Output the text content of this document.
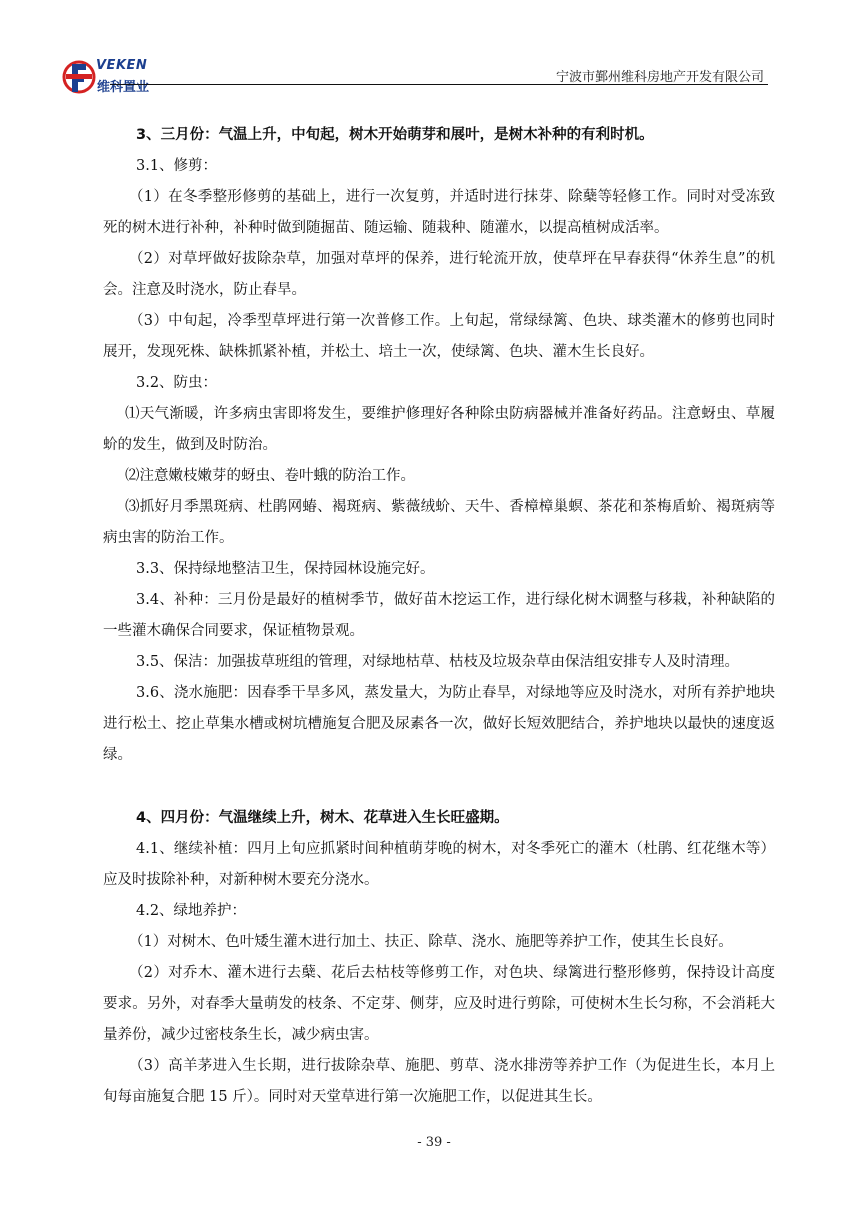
VEKEN
维科置业
宁波市鄞州维科房地产开发有限公司

3、三月份：气温上升，中旬起，树木开始萌芽和展叶，是树木补种的有利时机。

3.1、修剪：

（1）在冬季整形修剪的基础上，进行一次复剪，并适时进行抹芽、除蘖等轻修工作。同时对受冻致死的树木进行补种，补种时做到随掘苗、随运输、随栽种、随灌水，以提高植树成活率。

（2）对草坪做好拔除杂草，加强对草坪的保养，进行轮流开放，使草坪在早春获得“休养生息”的机会。注意及时浇水，防止春旱。

（3）中旬起，冷季型草坪进行第一次普修工作。上旬起，常绿绿篱、色块、球类灌木的修剪也同时展开，发现死株、缺株抓紧补植，并松土、培土一次，使绿篱、色块、灌木生长良好。

3.2、防虫：

⑴天气渐暖，许多病虫害即将发生，要维护修理好各种除虫防病器械并准备好药品。注意蚜虫、草履蚧的发生，做到及时防治。

⑵注意嫩枝嫩芽的蚜虫、卷叶蛾的防治工作。

⑶抓好月季黑斑病、杜鹃网蝽、褐斑病、紫薇绒蚧、天牛、香樟樟巢螟、茶花和茶梅盾蚧、褐斑病等病虫害的防治工作。

3.3、保持绿地整洁卫生，保持园林设施完好。

3.4、补种：三月份是最好的植树季节，做好苗木挖运工作，进行绿化树木调整与移栽，补种缺陷的一些灌木确保合同要求，保证植物景观。

3.5、保洁：加强拔草班组的管理，对绿地枯草、枯枝及垃圾杂草由保洁组安排专人及时清理。

3.6、浇水施肥：因春季干旱多风，蒸发量大，为防止春旱，对绿地等应及时浇水，对所有养护地块进行松土、挖止草集水槽或树坑槽施复合肥及尿素各一次，做好长短效肥结合，养护地块以最快的速度返绿。

4、四月份：气温继续上升，树木、花草进入生长旺盛期。

4.1、继续补植：四月上旬应抓紧时间种植萌芽晚的树木，对冬季死亡的灌木（杜鹃、红花继木等）应及时拔除补种，对新种树木要充分浇水。

4.2、绿地养护：

（1）对树木、色叶矮生灌木进行加土、扶正、除草、浇水、施肥等养护工作，使其生长良好。

（2）对乔木、灌木进行去蘖、花后去枯枝等修剪工作，对色块、绿篱进行整形修剪，保持设计高度要求。另外，对春季大量萌发的枝条、不定芽、侧芽，应及时进行剪除，可使树木生长匀称，不会消耗大量养份，减少过密枝条生长，减少病虫害。

（3）高羊茅进入生长期，进行拔除杂草、施肥、剪草、浇水排涝等养护工作（为促进生长，本月上旬每亩施复合肥 15 斤）。同时对天堂草进行第一次施肥工作，以促进其生长。

- 39 -
